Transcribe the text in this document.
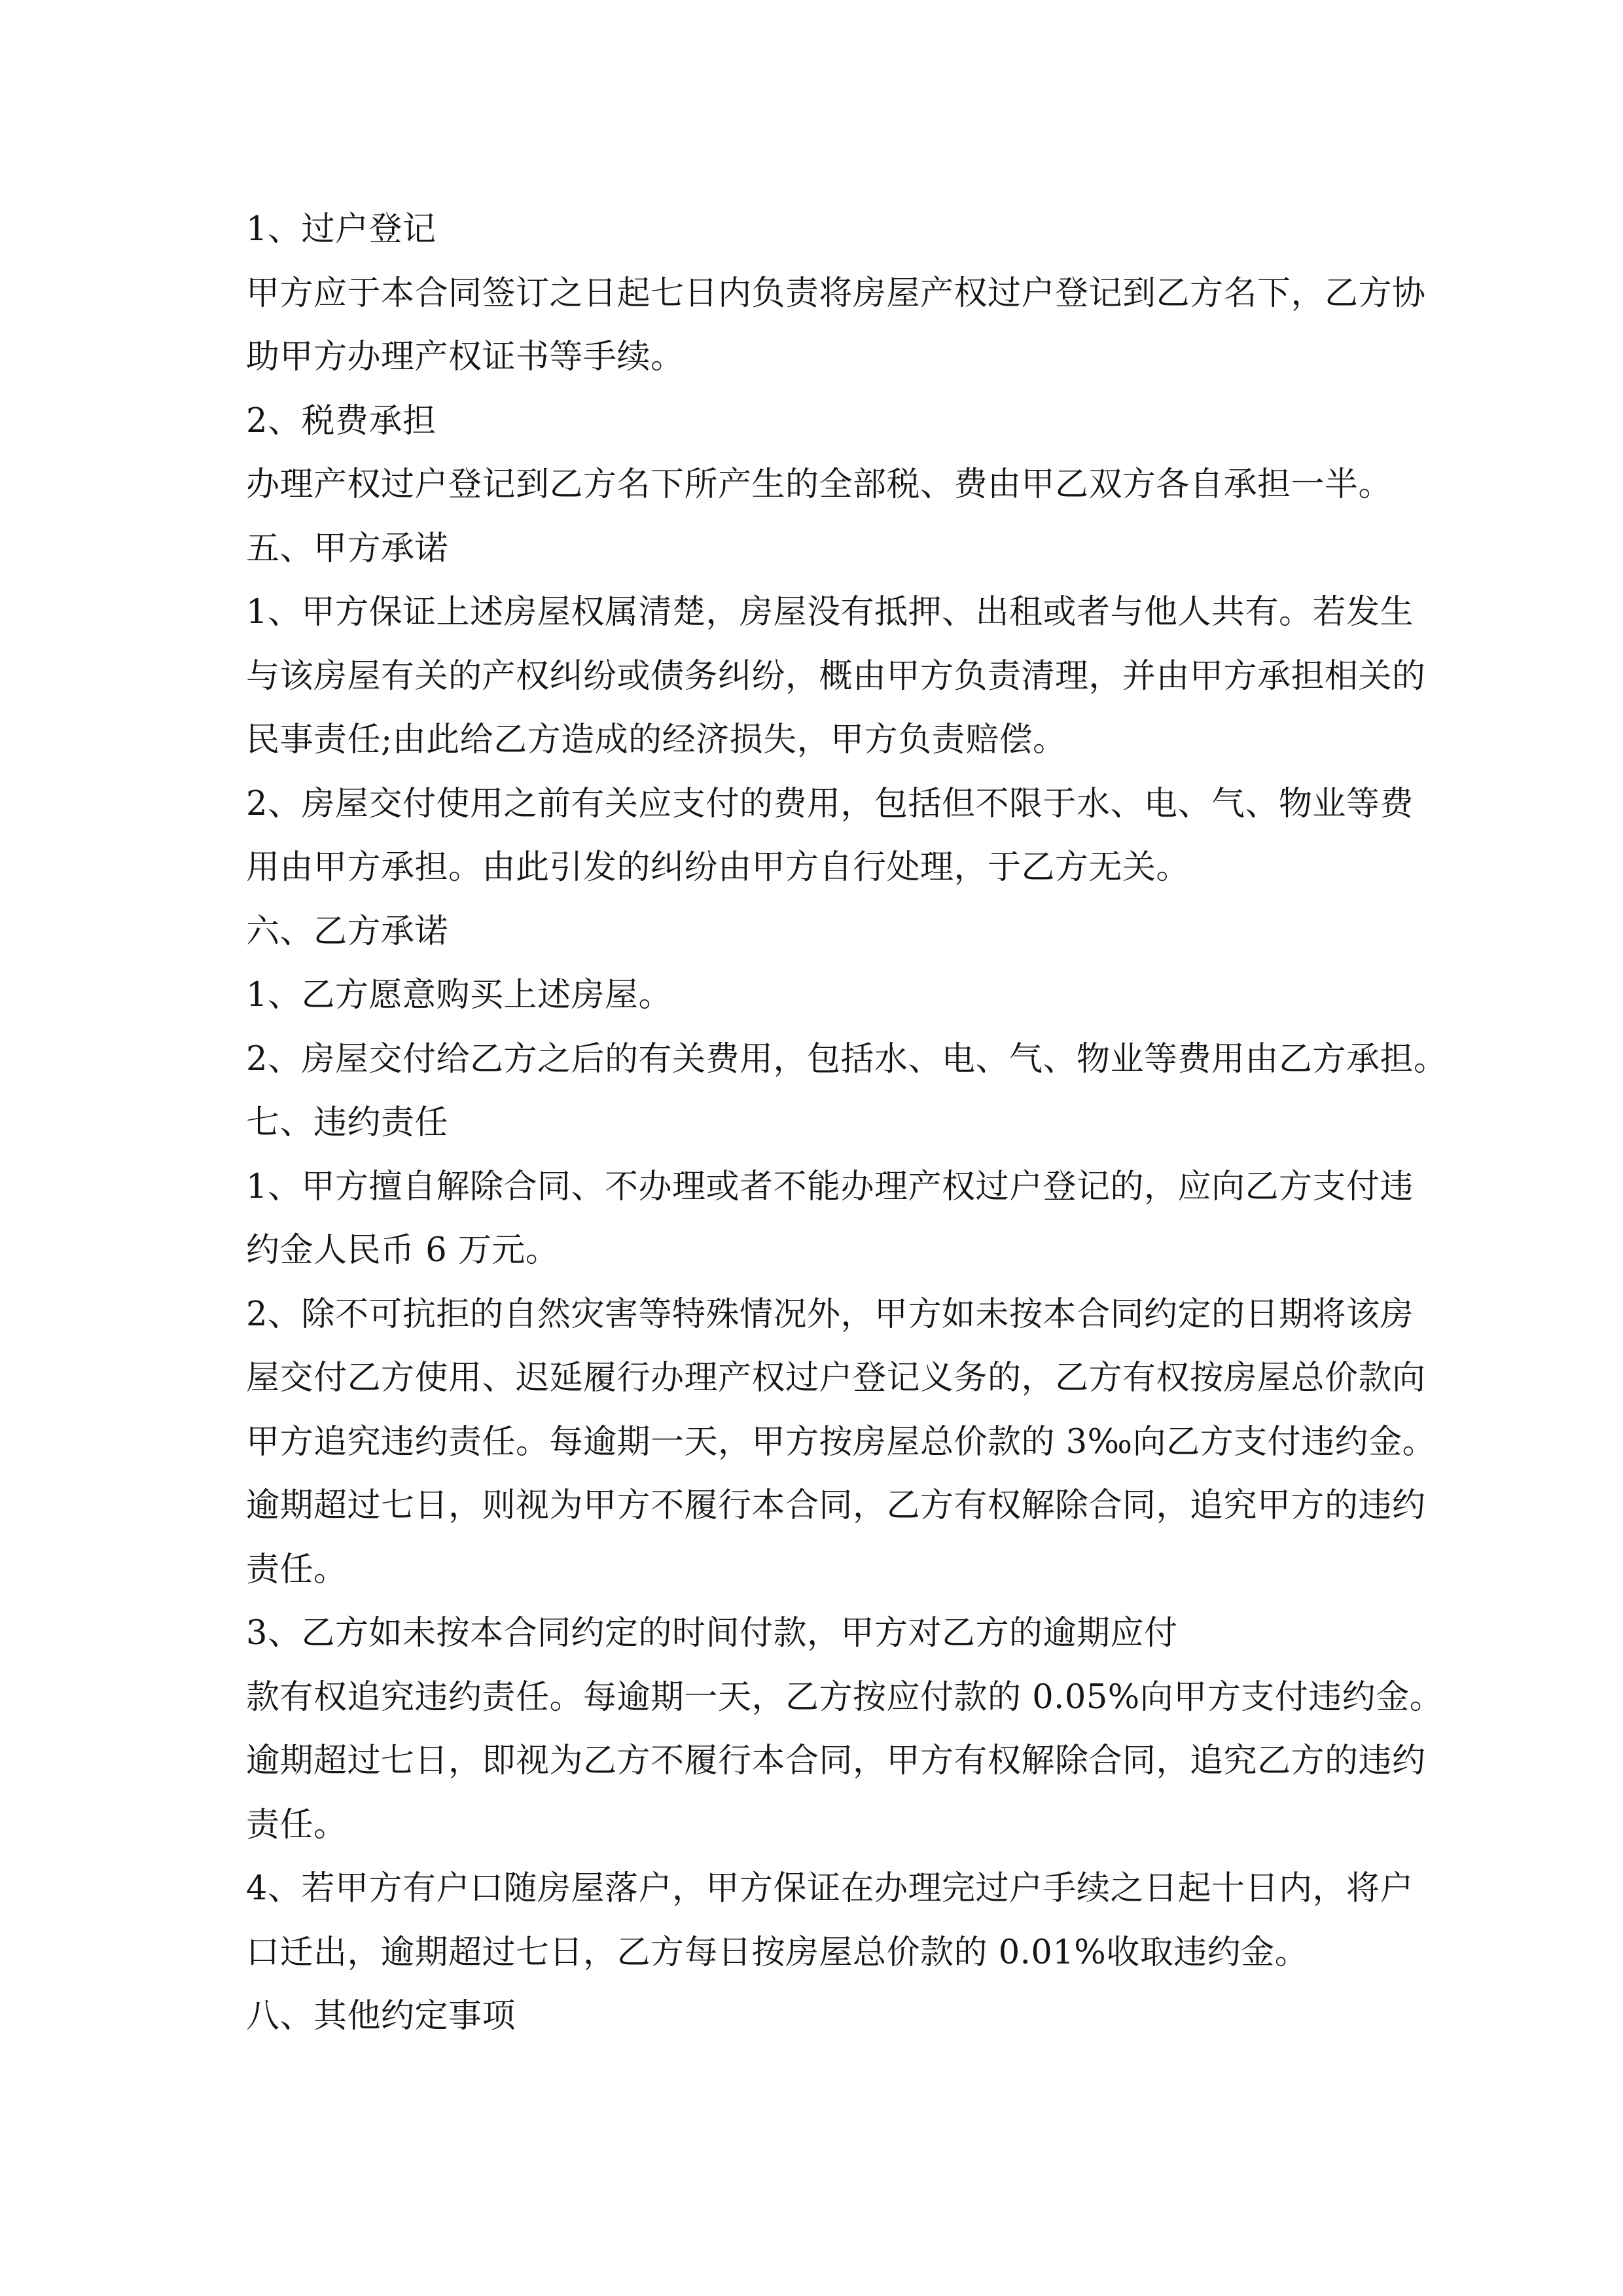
1、过户登记
甲方应于本合同签订之日起七日内负责将房屋产权过户登记到乙方名下，乙方协
助甲方办理产权证书等手续。
2、税费承担
办理产权过户登记到乙方名下所产生的全部税、费由甲乙双方各自承担一半。
五、甲方承诺
1、甲方保证上述房屋权属清楚，房屋没有抵押、出租或者与他人共有。若发生
与该房屋有关的产权纠纷或债务纠纷，概由甲方负责清理，并由甲方承担相关的
民事责任;由此给乙方造成的经济损失，甲方负责赔偿。
2、房屋交付使用之前有关应支付的费用，包括但不限于水、电、气、物业等费
用由甲方承担。由此引发的纠纷由甲方自行处理，于乙方无关。
六、乙方承诺
1、乙方愿意购买上述房屋。
2、房屋交付给乙方之后的有关费用，包括水、电、气、物业等费用由乙方承担。
七、违约责任
1、甲方擅自解除合同、不办理或者不能办理产权过户登记的，应向乙方支付违
约金人民币 6 万元。
2、除不可抗拒的自然灾害等特殊情况外，甲方如未按本合同约定的日期将该房
屋交付乙方使用、迟延履行办理产权过户登记义务的，乙方有权按房屋总价款向
甲方追究违约责任。每逾期一天，甲方按房屋总价款的 3‰向乙方支付违约金。
逾期超过七日，则视为甲方不履行本合同，乙方有权解除合同，追究甲方的违约
责任。
3、乙方如未按本合同约定的时间付款，甲方对乙方的逾期应付
款有权追究违约责任。每逾期一天，乙方按应付款的 0.05%向甲方支付违约金。
逾期超过七日，即视为乙方不履行本合同，甲方有权解除合同，追究乙方的违约
责任。
4、若甲方有户口随房屋落户，甲方保证在办理完过户手续之日起十日内，将户
口迁出，逾期超过七日，乙方每日按房屋总价款的 0.01%收取违约金。
八、其他约定事项
